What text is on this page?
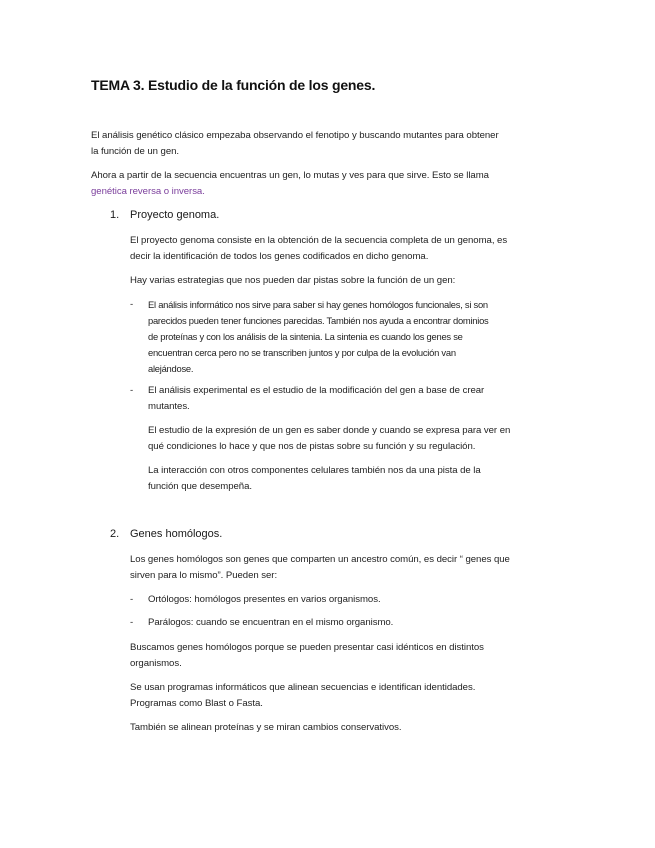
TEMA 3. Estudio de la función de los genes.
El análisis genético clásico empezaba observando el fenotipo y buscando mutantes para obtener
la función de un gen.
Ahora a partir de la secuencia encuentras un gen, lo mutas y ves para que sirve. Esto se llama
genética reversa o inversa.
1. Proyecto genoma.
El proyecto genoma consiste en la obtención de la secuencia completa de un genoma, es
decir la identificación de todos los genes codificados en dicho genoma.
Hay varias estrategias que nos pueden dar pistas sobre la función de un gen:
- El análisis informático nos sirve para saber si hay genes homólogos funcionales, si son
parecidos pueden tener funciones parecidas. También nos ayuda a encontrar dominios
de proteínas y con los análisis de la sintenia. La sintenia es cuando los genes se
encuentran cerca pero no se transcriben juntos y por culpa de la evolución van
alejándose.
- El análisis experimental es el estudio de la modificación del gen a base de crear
mutantes.
El estudio de la expresión de un gen es saber donde y cuando se expresa para ver en
qué condiciones lo hace y que nos de pistas sobre su función y su regulación.
La interacción con otros componentes celulares también nos da una pista de la
función que desempeña.
2. Genes homólogos.
Los genes homólogos son genes que comparten un ancestro común, es decir “ genes que
sirven para lo mismo”. Pueden ser:
- Ortólogos: homólogos presentes en varios organismos.
- Parálogos: cuando se encuentran en el mismo organismo.
Buscamos genes homólogos porque se pueden presentar casi idénticos en distintos
organismos.
Se usan programas informáticos que alinean secuencias e identifican identidades.
Programas como Blast o Fasta.
También se alinean proteínas y se miran cambios conservativos.
